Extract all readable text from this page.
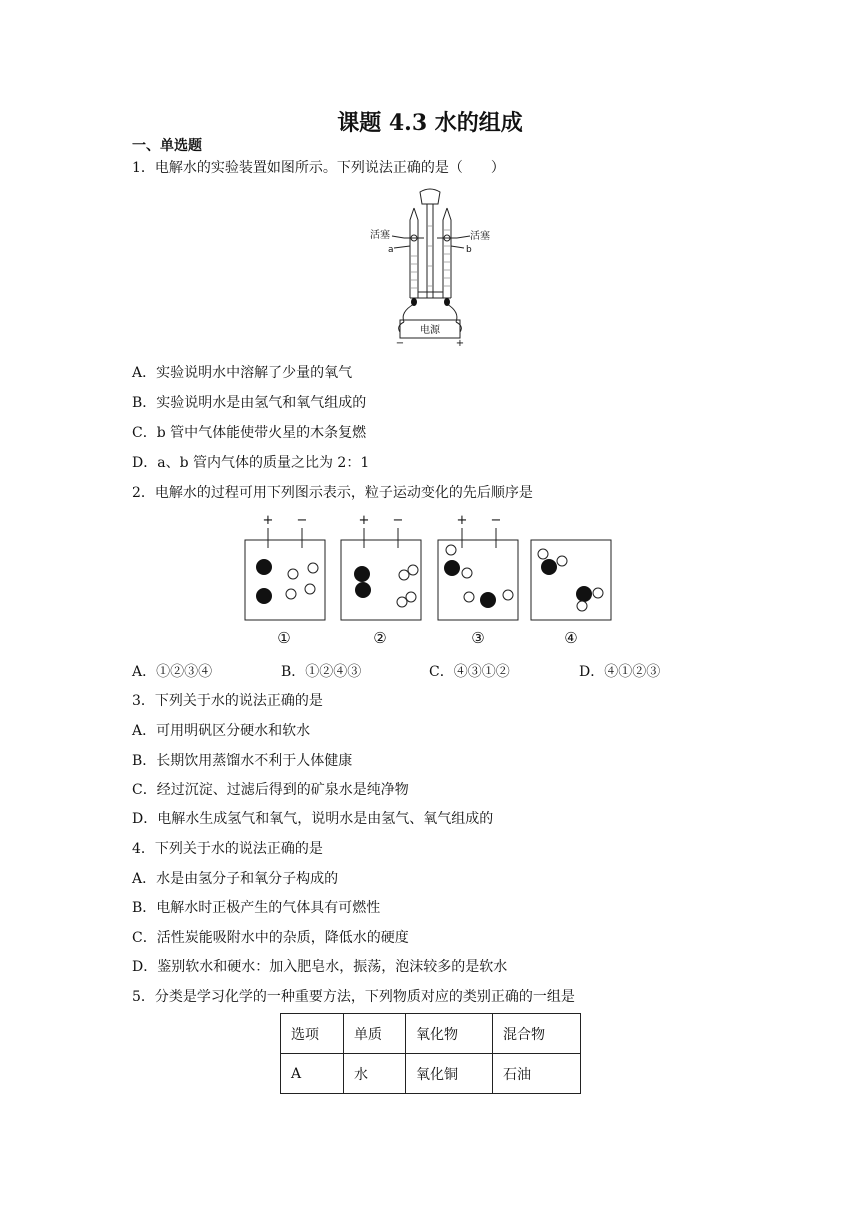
课题 4.3 水的组成
一、单选题
1．电解水的实验装置如图所示。下列说法正确的是（　　）
活塞	活塞
a	b
电源
−	+
A．实验说明水中溶解了少量的氧气
B．实验说明水是由氢气和氧气组成的
C．b 管中气体能使带火星的木条复燃
D．a、b 管内气体的质量之比为 2：1
2．电解水的过程可用下列图示表示，粒子运动变化的先后顺序是
+ −
①
+ −
②
+ −
③	④
A．①②③④	B．①②④③	C．④③①②	D．④①②③
3．下列关于水的说法正确的是
A．可用明矾区分硬水和软水
B．长期饮用蒸馏水不利于人体健康
C．经过沉淀、过滤后得到的矿泉水是纯净物
D．电解水生成氢气和氧气，说明水是由氢气、氧气组成的
4．下列关于水的说法正确的是
A．水是由氢分子和氧分子构成的
B．电解水时正极产生的气体具有可燃性
C．活性炭能吸附水中的杂质，降低水的硬度
D．鉴别软水和硬水：加入肥皂水，振荡，泡沫较多的是软水
5．分类是学习化学的一种重要方法，下列物质对应的类别正确的一组是
选项	单质	氧化物	混合物
A	水	氧化铜	石油
